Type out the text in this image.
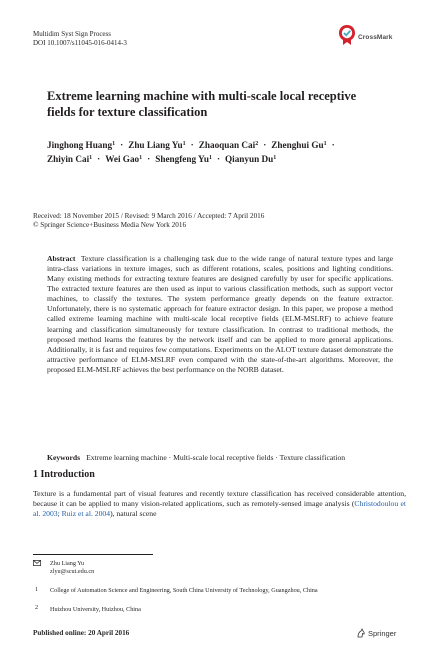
Multidim Syst Sign Process
DOI 10.1007/s11045-016-0414-3
CrossMark
Extreme learning machine with multi-scale local receptive fields for texture classification
Jinghong Huang$^1$ · Zhu Liang $Yu^1$ · Zhaoquan Cai$^2$ · Zhenghui $Gu^1$ ·
Zhiyin Cai$^1$ · Wei Gao$^1$ · Shengfeng $Yu^1$ · Qianyun Du$^1$
Received: 18 November 2015 / Revised: 9 March 2016 / Accepted: 7 April 2016
© Springer Science+Business Media New York 2016
Abstract Texture classification is a challenging task due to the wide range of natural texture types and large intra-class variations in texture images, such as different rotations, scales, positions and lighting conditions. Many existing methods for extracting texture features are designed carefully by user for specific applications. The extracted texture features are then used as input to various classification methods, such as support vector machines, to classify the textures. The system performance greatly depends on the feature extractor. Unfortunately, there is no systematic approach for feature extractor design. In this paper, we propose a method called extreme learning machine with multi-scale local receptive fields (ELM-MSLRF) to achieve feature learning and classification simultaneously for texture classification. In contrast to traditional methods, the proposed method learns the features by the network itself and can be applied to more general applications. Additionally, it is fast and requires few computations. Experiments on the ALOT texture dataset demonstrate the attractive performance of ELM-MSLRF even compared with the state-of-the-art algorithms. Moreover, the proposed ELM-MSLRF achieves the best performance on the NORB dataset.
Keywords Extreme learning machine · Multi-scale local receptive fields · Texture classification
1 Introduction
Texture is a fundamental part of visual features and recently texture classification has received considerable attention, because it can be applied to many vision-related applications, such as remotely-sensed image analysis (Christodoulou et al. 2003; Ruiz et al. 2004), natural scene
Zhu Liang Yu
zlyu@scut.edu.cn
1 College of Automation Science and Engineering, South China University of Technology, Guangzhou, China
2 Huizhou University, Huizhou, China
Published online: 20 April 2016	Springer
